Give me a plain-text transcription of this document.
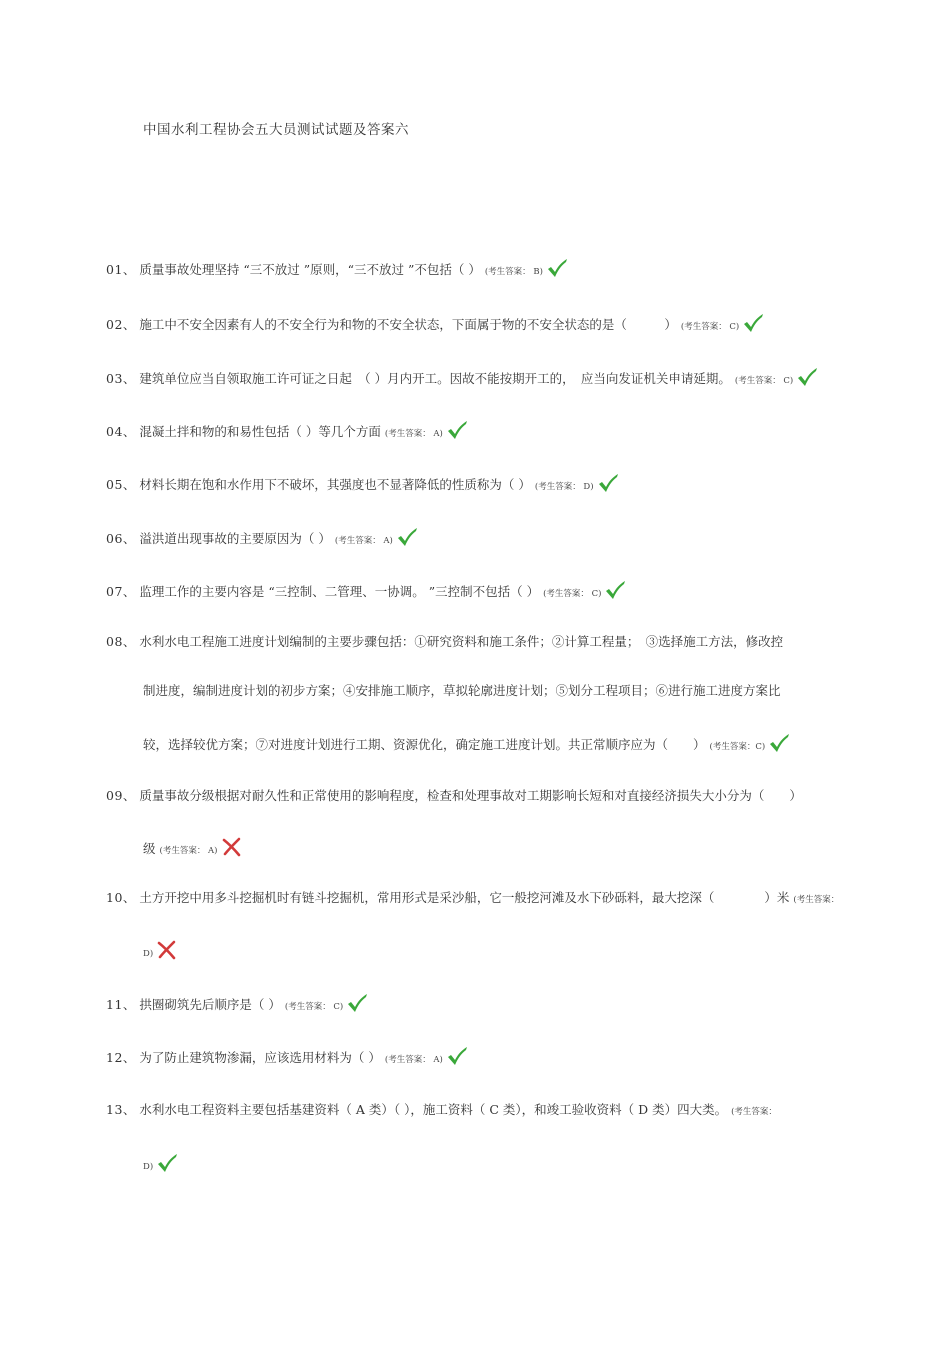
中国水利工程协会五大员测试试题及答案六
01、 质量事故处理坚持 “三不放过 ”原则，“三不放过 ”不包括（ ） (考生答案： B)
02、 施工中不安全因素有人的不安全行为和物的不安全状态，下面属于物的不安全状态的是（　　　） (考生答案： C)
03、 建筑单位应当自领取施工许可证之日起　（ ）月内开工。因故不能按期开工的，　应当向发证机关申请延期。 (考生答案： C)
04、 混凝土拌和物的和易性包括（ ）等几个方面 (考生答案： A)
05、 材料长期在饱和水作用下不破坏，其强度也不显著降低的性质称为（ ） (考生答案： D)
06、 溢洪道出现事故的主要原因为（ ） (考生答案： A)
07、 监理工作的主要内容是 “三控制、二管理、一协调。 ”三控制不包括（ ） (考生答案： C)
08、 水利水电工程施工进度计划编制的主要步骤包括：①研究资料和施工条件；②计算工程量；　③选择施工方法，修改控
制进度，编制进度计划的初步方案；④安排施工顺序，草拟轮廓进度计划；⑤划分工程项目；⑥进行施工进度方案比
较，选择较优方案；⑦对进度计划进行工期、资源优化，确定施工进度计划。共正常顺序应为（　　） (考生答案：C)
09、 质量事故分级根据对耐久性和正常使用的影响程度，检查和处理事故对工期影响长短和对直接经济损失大小分为（　　）
级 (考生答案： A)
10、 土方开挖中用多斗挖掘机时有链斗挖掘机，常用形式是采沙船，它一般挖河滩及水下砂砾料，最大挖深（　　　　）米 (考生答案：
D)
11、 拱圈砌筑先后顺序是（ ） (考生答案： C)
12、 为了防止建筑物渗漏，应该选用材料为（ ） (考生答案： A)
13、 水利水电工程资料主要包括基建资料（ A 类）（ ），施工资料（ C 类），和竣工验收资料（ D 类）四大类。 (考生答案：
D)
